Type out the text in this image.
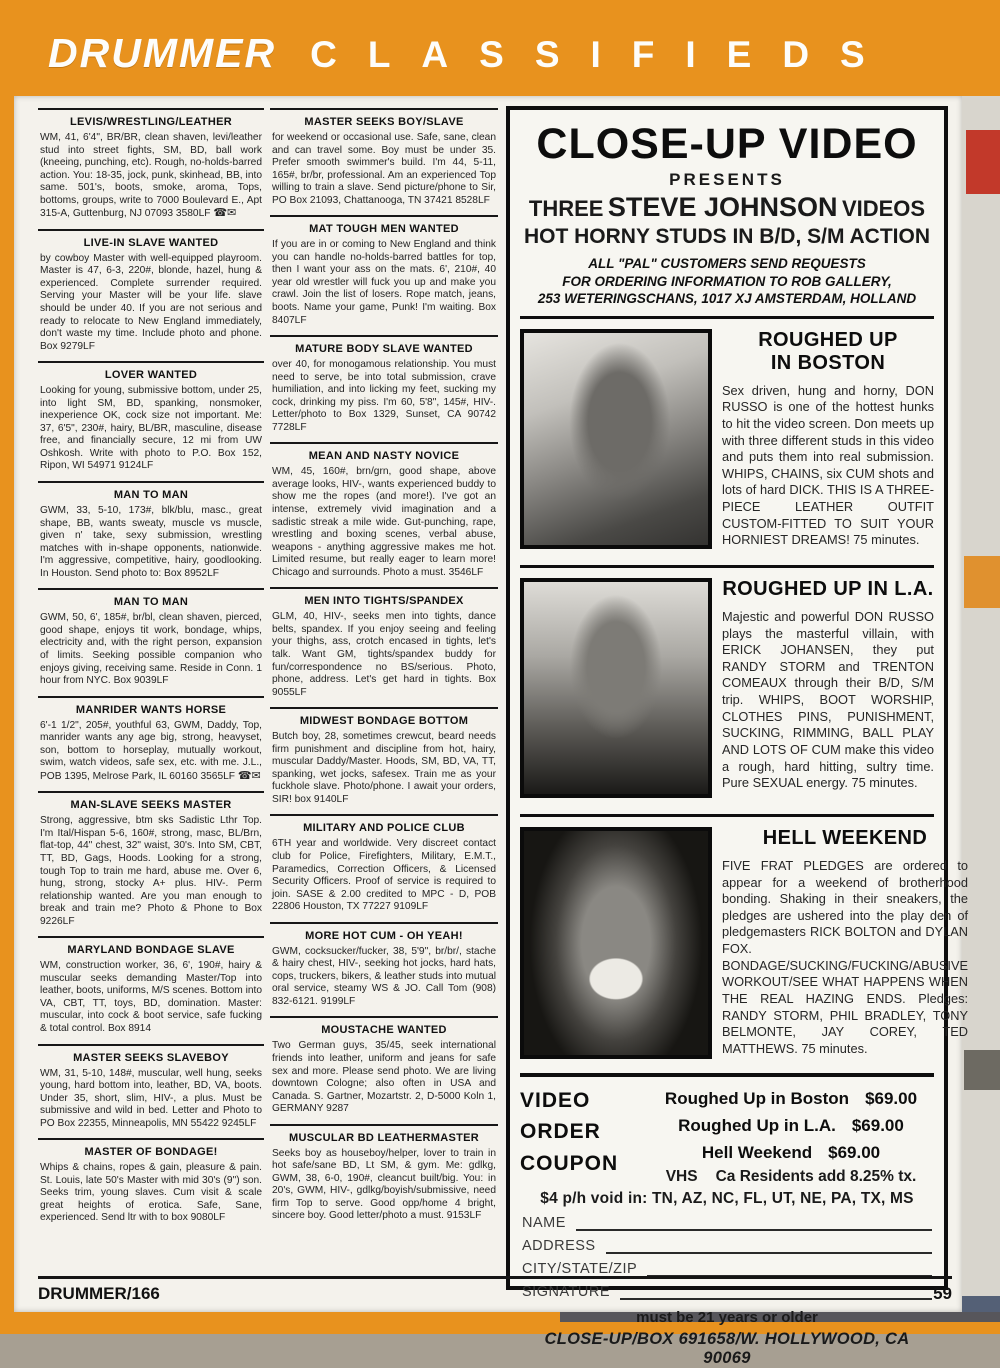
DRUMMER CLASSIFIEDS
LEVIS/WRESTLING/LEATHER

WM, 41, 6'4", BR/BR, clean shaven, levi/leather stud into street fights, SM, BD, ball work (kneeing, punching, etc). Rough, no-holds-barred action. You: 18-35, jock, punk, skinhead, BB, into same. 501's, boots, smoke, aroma, Tops, bottoms, groups, write to 7000 Boulevard E., Apt 315-A, Guttenburg, NJ 07093 3580LF ☎✉

LIVE-IN SLAVE WANTED

by cowboy Master with well-equipped playroom. Master is 47, 6-3, 220#, blonde, hazel, hung & experienced. Complete surrender required. Serving your Master will be your life. slave should be under 40. If you are not serious and ready to relocate to New England immediately, don't waste my time. Include photo and phone. Box 9279LF

LOVER WANTED

Looking for young, submissive bottom, under 25, into light SM, BD, spanking, nonsmoker, inexperience OK, cock size not important. Me: 37, 6'5", 230#, hairy, BL/BR, masculine, disease free, and financially secure, 12 mi from UW Oshkosh. Write with photo to P.O. Box 152, Ripon, WI 54971 9124LF

MAN TO MAN

GWM, 33, 5-10, 173#, blk/blu, masc., great shape, BB, wants sweaty, muscle vs muscle, given n' take, sexy submission, wrestling matches with in-shape opponents, nationwide. I'm aggressive, competitive, hairy, goodlooking. In Houston. Send photo to: Box 8952LF

MAN TO MAN

GWM, 50, 6', 185#, br/bl, clean shaven, pierced, good shape, enjoys tit work, bondage, whips, electricity and, with the right person, expansion of limits. Seeking possible companion who enjoys giving, receiving same. Reside in Conn. 1 hour from NYC. Box 9039LF

MANRIDER WANTS HORSE

6'-1 1/2", 205#, youthful 63, GWM, Daddy, Top, manrider wants any age big, strong, heavyset, son, bottom to horseplay, mutually workout, swim, watch videos, safe sex, etc. with me. J.L., POB 1395, Melrose Park, IL 60160 3565LF ☎✉

MAN-SLAVE SEEKS MASTER

Strong, aggressive, btm sks Sadistic Lthr Top. I'm Ital/Hispan 5-6, 160#, strong, masc, BL/Brn, flat-top, 44" chest, 32" waist, 30's. Into SM, CBT, TT, BD, Gags, Hoods. Looking for a strong, tough Top to train me hard, abuse me. Over 6, hung, strong, stocky A+ plus. HIV-. Perm relationship wanted. Are you man enough to break and train me? Photo & Phone to Box 9226LF

MARYLAND BONDAGE SLAVE

WM, construction worker, 36, 6', 190#, hairy & muscular seeks demanding Master/Top into leather, boots, uniforms, M/S scenes. Bottom into VA, CBT, TT, toys, BD, domination. Master: muscular, into cock & boot service, safe fucking & total control. Box 8914

MASTER SEEKS SLAVEBOY

WM, 31, 5-10, 148#, muscular, well hung, seeks young, hard bottom into, leather, BD, VA, boots. Under 35, short, slim, HIV-, a plus. Must be submissive and wild in bed. Letter and Photo to PO Box 22355, Minneapolis, MN 55422 9245LF

MASTER OF BONDAGE!

Whips & chains, ropes & gain, pleasure & pain. St. Louis, late 50's Master with mid 30's (9") son. Seeks trim, young slaves. Cum visit & scale great heights of erotica. Safe, Sane, experienced. Send ltr with to box 9080LF

MASTER SEEKS BOY/SLAVE

for weekend or occasional use. Safe, sane, clean and can travel some. Boy must be under 35. Prefer smooth swimmer's build. I'm 44, 5-11, 165#, br/br, professional. Am an experienced Top willing to train a slave. Send picture/phone to Sir, PO Box 21093, Chattanooga, TN 37421 8528LF

MAT TOUGH MEN WANTED

If you are in or coming to New England and think you can handle no-holds-barred battles for top, then I want your ass on the mats. 6', 210#, 40 year old wrestler will fuck you up and make you crawl. Join the list of losers. Rope match, jeans, boots. Name your game, Punk! I'm waiting. Box 8407LF

MATURE BODY SLAVE WANTED

over 40, for monogamous relationship. You must need to serve, be into total submission, crave humiliation, and into licking my feet, sucking my cock, drinking my piss. I'm 60, 5'8", 145#, HIV-. Letter/photo to Box 1329, Sunset, CA 90742 7728LF

MEAN AND NASTY NOVICE

WM, 45, 160#, brn/grn, good shape, above average looks, HIV-, wants experienced buddy to show me the ropes (and more!). I've got an intense, extremely vivid imagination and a sadistic streak a mile wide. Gut-punching, rape, wrestling and boxing scenes, verbal abuse, weapons - anything aggressive makes me hot. Limited resume, but really eager to learn more! Chicago and surrounds. Photo a must. 3546LF

MEN INTO TIGHTS/SPANDEX

GLM, 40, HIV-, seeks men into tights, dance belts, spandex. If you enjoy seeing and feeling your thighs, ass, crotch encased in tights, let's talk. Want GM, tights/spandex buddy for fun/correspondence no BS/serious. Photo, phone, address. Let's get hard in tights. Box 9055LF

MIDWEST BONDAGE BOTTOM

Butch boy, 28, sometimes crewcut, beard needs firm punishment and discipline from hot, hairy, muscular Daddy/Master. Hoods, SM, BD, VA, TT, spanking, wet jocks, safesex. Train me as your fuckhole slave. Photo/phone. I await your orders, SIR! box 9140LF

MILITARY AND POLICE CLUB

6TH year and worldwide. Very discreet contact club for Police, Firefighters, Military, E.M.T., Paramedics, Correction Officers, & Licensed Security Officers. Proof of service is required to join. SASE & 2.00 credited to MPC - D, POB 22806 Houston, TX 77227 9109LF

MORE HOT CUM - OH YEAH!

GWM, cocksucker/fucker, 38, 5'9", br/br/, stache & hairy chest, HIV-, seeking hot jocks, hard hats, cops, truckers, bikers, & leather studs into mutual oral service, steamy WS & JO. Call Tom (908) 832-6121. 9199LF

MOUSTACHE WANTED

Two German guys, 35/45, seek international friends into leather, uniform and jeans for safe sex and more. Please send photo. We are living downtown Cologne; also often in USA and Canada. S. Gartner, Mozartstr. 2, D-5000 Koln 1, GERMANY 9287

MUSCULAR BD LEATHERMASTER

Seeks boy as houseboy/helper, lover to train in hot safe/sane BD, Lt SM, & gym. Me: gdlkg, GWM, 38, 6-0, 190#, cleancut built/big. You: in 20's, GWM, HIV-, gdlkg/boyish/submissive, need firm Top to serve. Good opp/home 4 bright, sincere boy. Good letter/photo a must. 9153LF

CLOSE-UP VIDEO
PRESENTS
THREE STEVE JOHNSON VIDEOS
HOT HORNY STUDS IN B/D, S/M ACTION
ALL "PAL" CUSTOMERS SEND REQUESTS
FOR ORDERING INFORMATION TO ROB GALLERY,
253 WETERINGSCHANS, 1017 XJ AMSTERDAM, HOLLAND
ROUGHED UP
IN BOSTON

Sex driven, hung and horny, DON RUSSO is one of the hottest hunks to hit the video screen. Don meets up with three different studs in this video and puts them into real submission. WHIPS, CHAINS, six CUM shots and lots of hard DICK. THIS IS A THREE-PIECE LEATHER OUTFIT CUSTOM-FITTED TO SUIT YOUR HORNIEST DREAMS! 75 minutes.

ROUGHED UP IN L.A.

Majestic and powerful DON RUSSO plays the masterful villain, with ERICK JOHANSEN, they put RANDY STORM and TRENTON COMEAUX through their B/D, S/M trip. WHIPS, BOOT WORSHIP, CLOTHES PINS, PUNISHMENT, SUCKING, RIMMING, BALL PLAY AND LOTS OF CUM make this video a rough, hard hitting, sultry time. Pure SEXUAL energy. 75 minutes.

HELL WEEKEND

FIVE FRAT PLEDGES are ordered to appear for a weekend of brotherhood bonding. Shaking in their sneakers, the pledges are ushered into the play den of pledgemasters RICK BOLTON and DYLAN FOX. BONDAGE/SUCKING/FUCKING/ABUSIVE WORKOUT/SEE WHAT HAPPENS WHEN THE REAL HAZING ENDS. Pledges: RANDY STORM, PHIL BRADLEY, TONY BELMONTE, JAY COREY, TED MATTHEWS. 75 minutes.

VIDEO
ORDER
COUPON
Roughed Up in Boston $69.00
Roughed Up in L.A. $69.00
Hell Weekend $69.00
VHS Ca Residents add 8.25% tx.
$4 p/h void in: TN, AZ, NC, FL, UT, NE, PA, TX, MS
NAME
ADDRESS
CITY/STATE/ZIP
SIGNATURE
must be 21 years or older
CLOSE-UP/BOX 691658/W. HOLLYWOOD, CA 90069
DRUMMER/166	59
